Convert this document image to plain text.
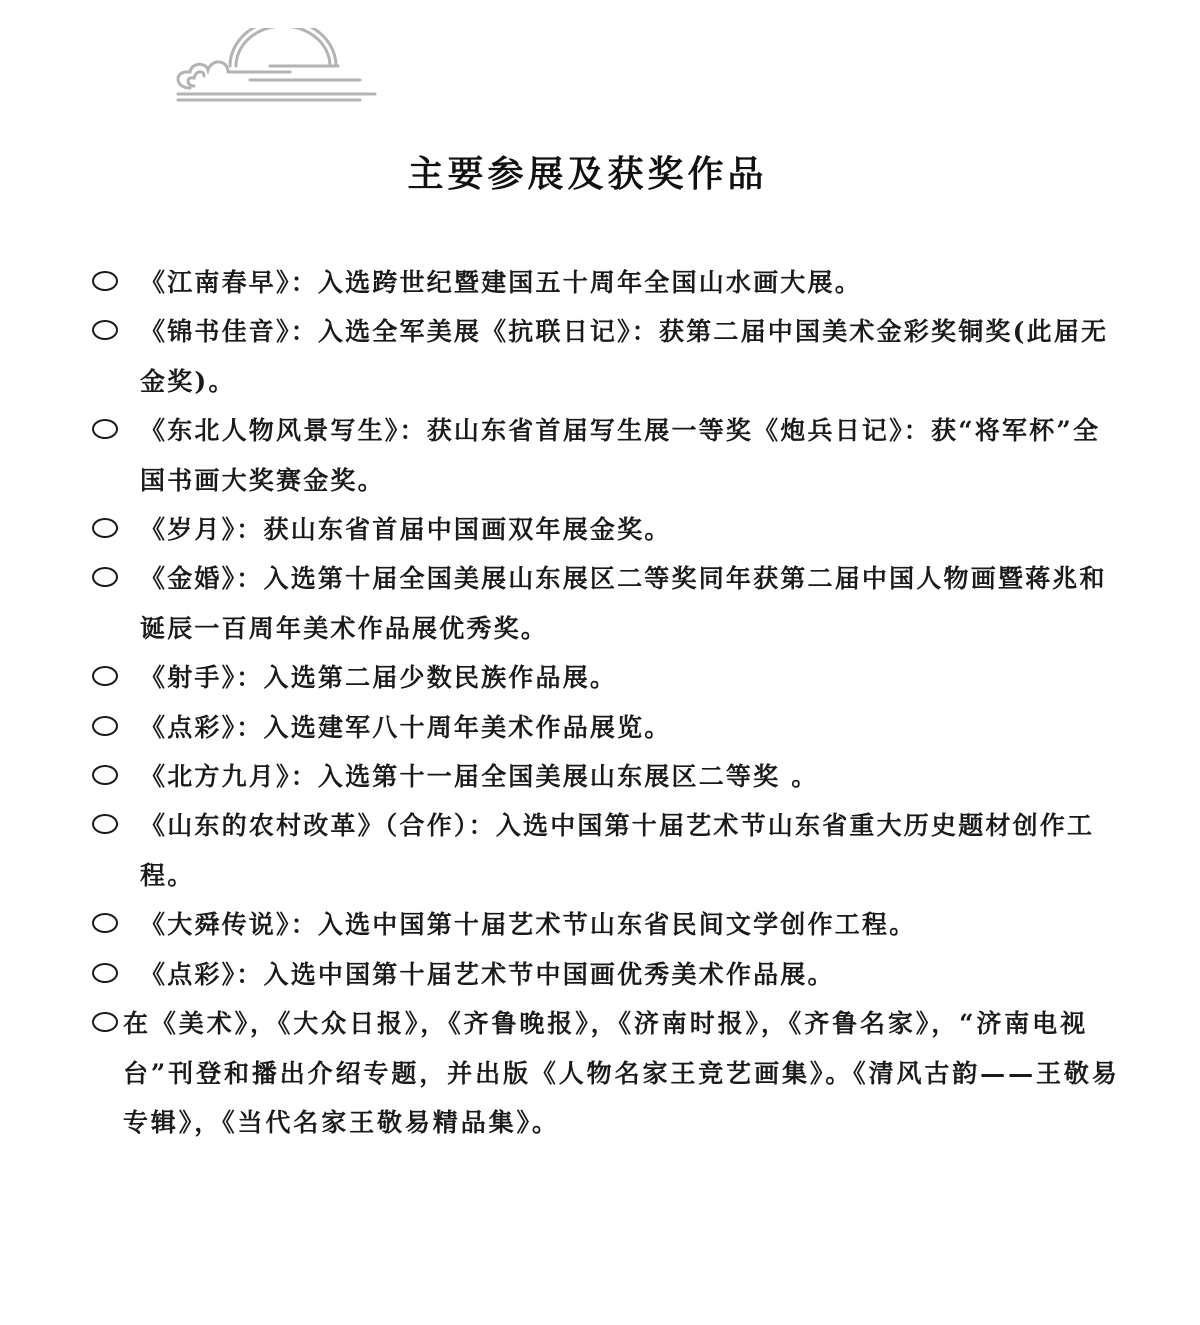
主要参展及获奖作品
《江南春早》：入选跨世纪暨建国五十周年全国山水画大展。
《锦书佳音》：入选全军美展《抗联日记》：获第二届中国美术金彩奖铜奖(此届无金奖)。
《东北人物风景写生》：获山东省首届写生展一等奖《炮兵日记》：获“将军杯”全国书画大奖赛金奖。
《岁月》：获山东省首届中国画双年展金奖。
《金婚》：入选第十届全国美展山东展区二等奖同年获第二届中国人物画暨蒋兆和诞辰一百周年美术作品展优秀奖。
《射手》：入选第二届少数民族作品展。
《点彩》：入选建军八十周年美术作品展览。
《北方九月》：入选第十一届全国美展山东展区二等奖 。
《山东的农村改革》（合作）：入选中国第十届艺术节山东省重大历史题材创作工程。
《大舜传说》：入选中国第十届艺术节山东省民间文学创作工程。
《点彩》：入选中国第十届艺术节中国画优秀美术作品展。
在《美术》，《大众日报》，《齐鲁晚报》，《济南时报》，《齐鲁名家》，“济南电视台”刊登和播出介绍专题，并出版《人物名家王竞艺画集》。《清风古韵——王敬易专辑》，《当代名家王敬易精品集》。
